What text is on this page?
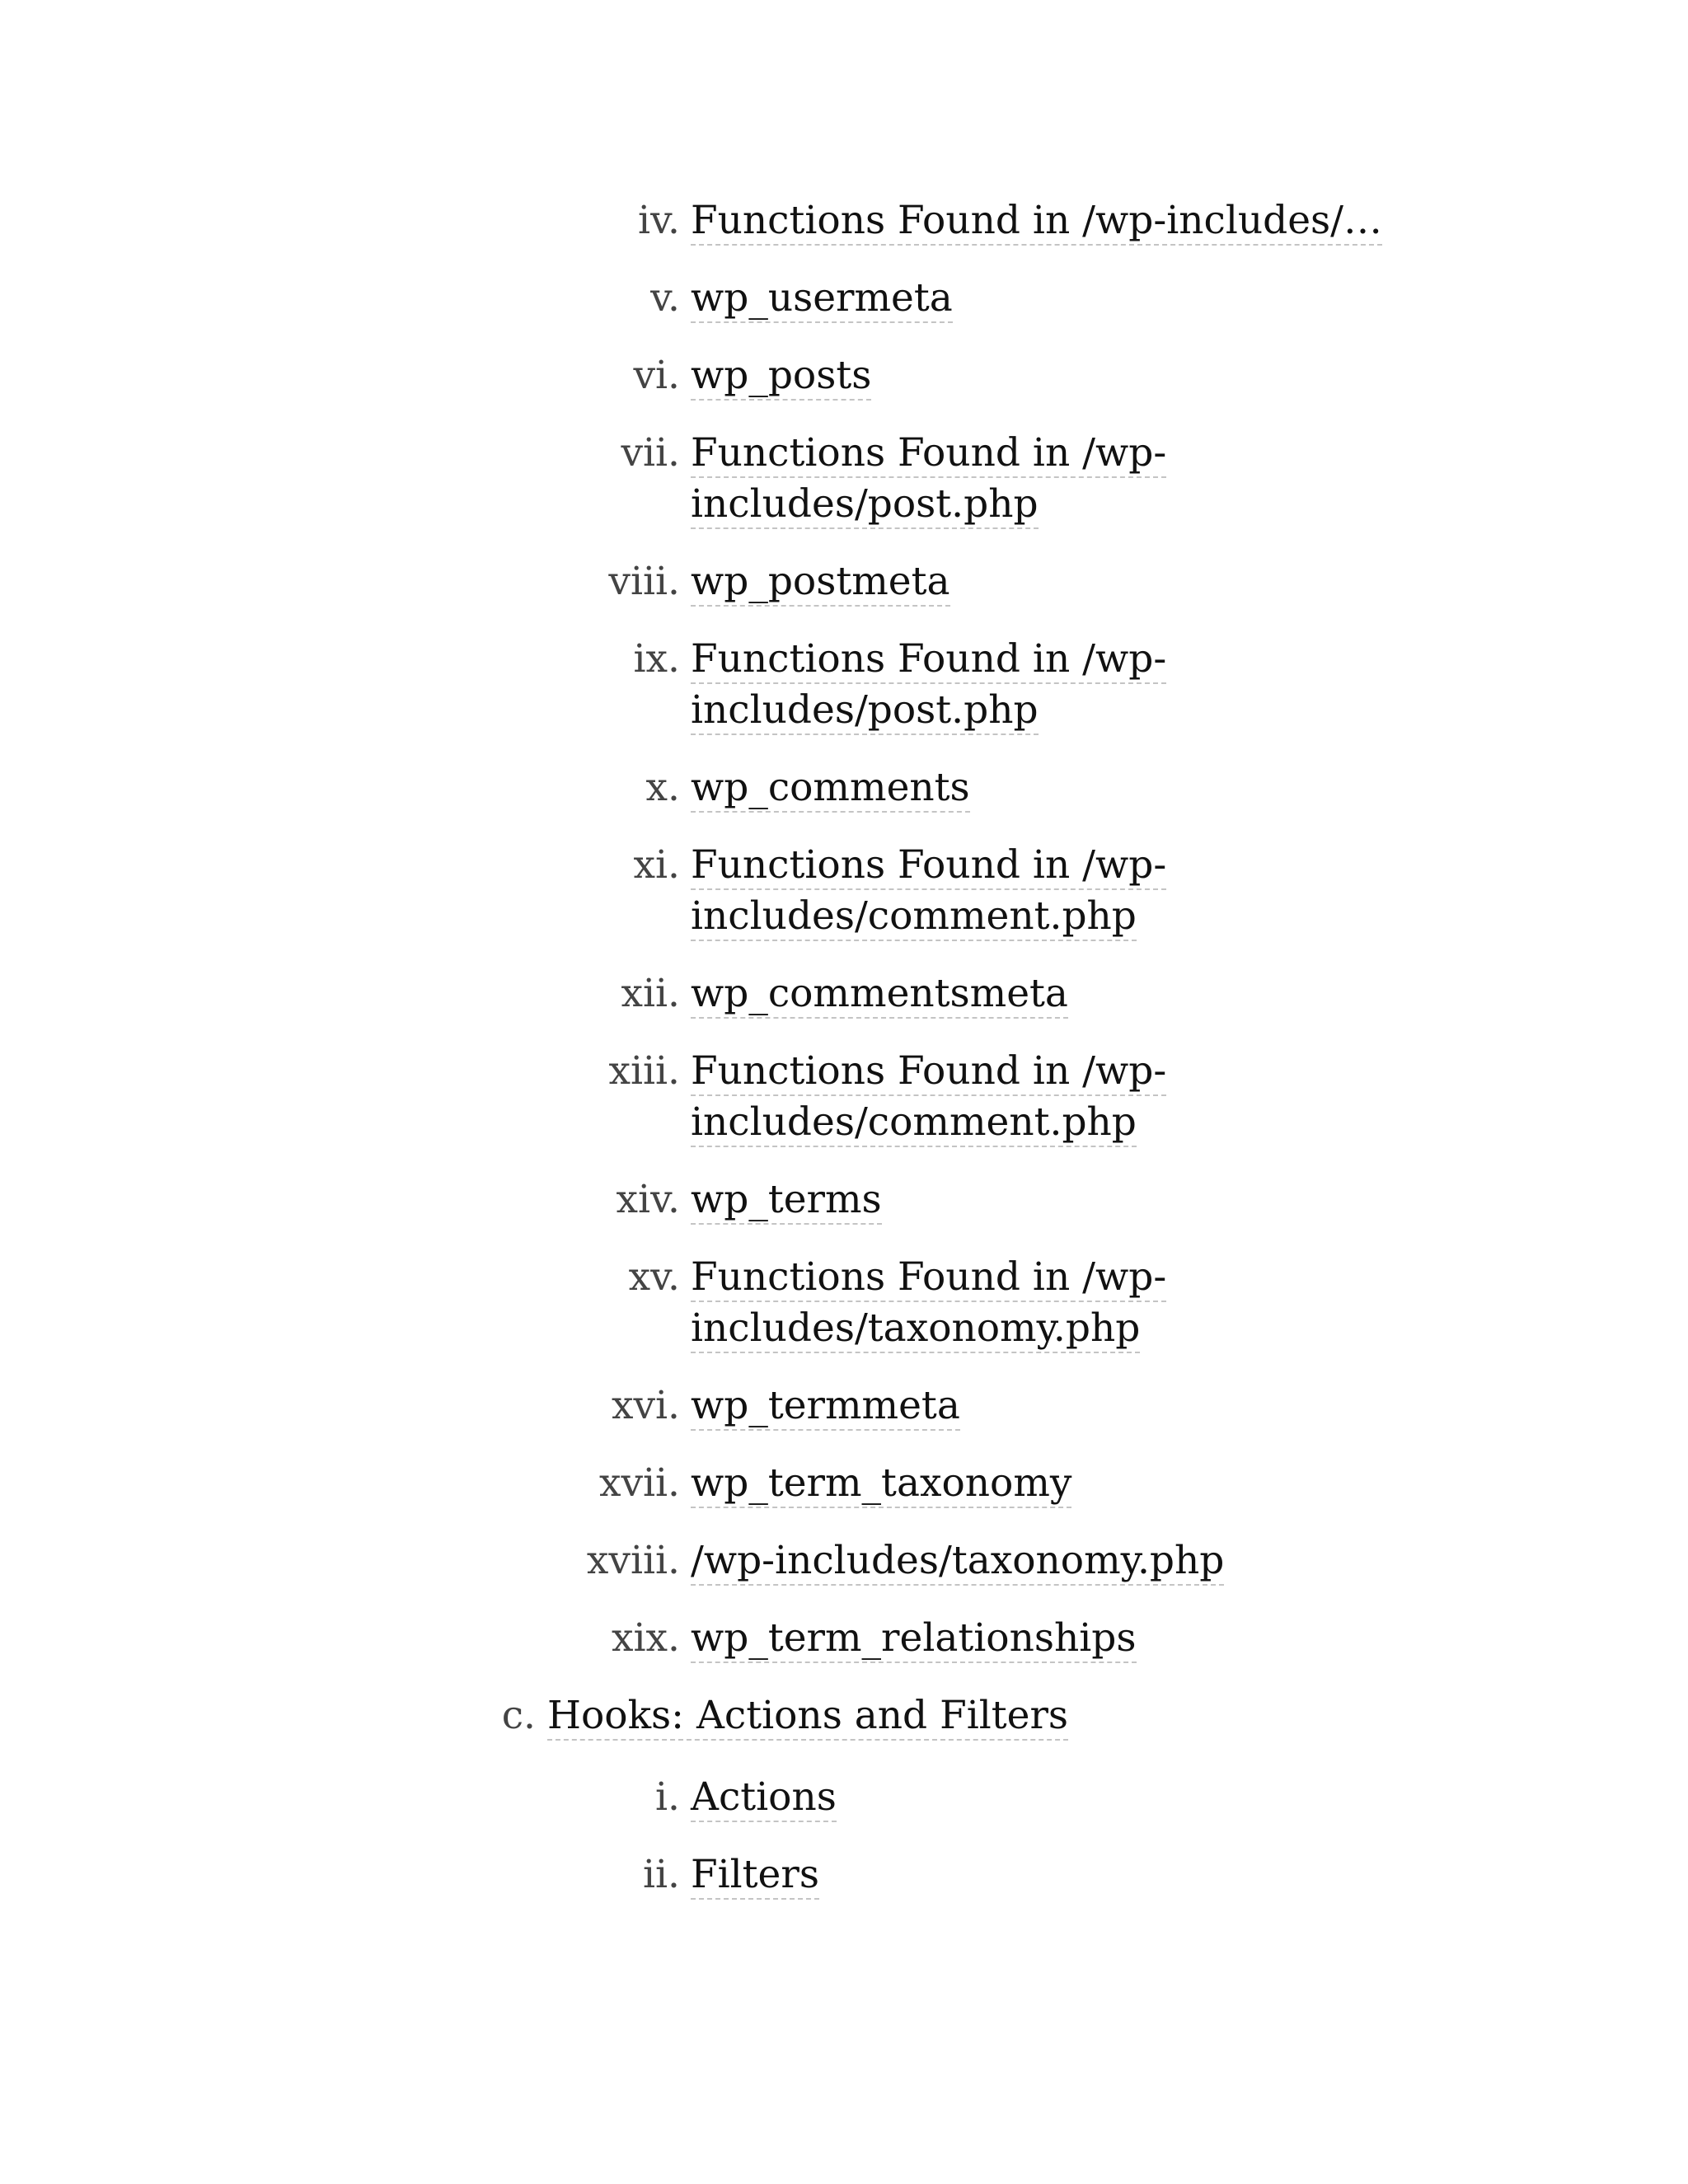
iv. Functions Found in /wp-includes/…
v. wp_usermeta
vi. wp_posts
vii. Functions Found in /wp-
includes/post.php
viii. wp_postmeta
ix. Functions Found in /wp-
includes/post.php
x. wp_comments
xi. Functions Found in /wp-
includes/comment.php
xii. wp_commentsmeta
xiii. Functions Found in /wp-
includes/comment.php
xiv. wp_terms
xv. Functions Found in /wp-
includes/taxonomy.php
xvi. wp_termmeta
xvii. wp_term_taxonomy
xviii. /wp-includes/taxonomy.php
xix. wp_term_relationships
c. Hooks: Actions and Filters
i. Actions
ii. Filters
